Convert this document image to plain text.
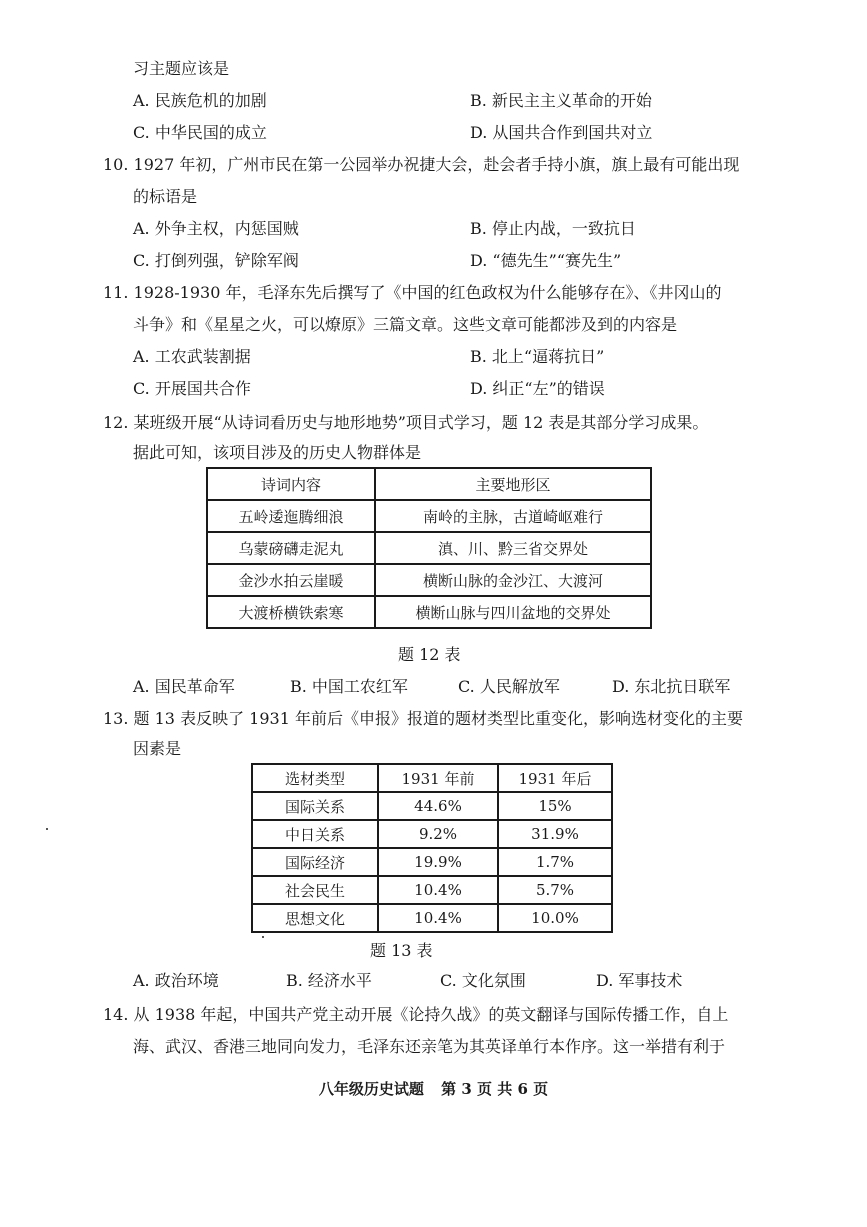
习主题应该是
A. 民族危机的加剧	B. 新民主主义革命的开始
C. 中华民国的成立	D. 从国共合作到国共对立
10. 1927 年初，广州市民在第一公园举办祝捷大会，赴会者手持小旗，旗上最有可能出现
的标语是
A. 外争主权，内惩国贼	B. 停止内战，一致抗日
C. 打倒列强，铲除军阀	D. “德先生”“赛先生”
11. 1928-1930 年，毛泽东先后撰写了《中国的红色政权为什么能够存在》、《井冈山的
斗争》和《星星之火，可以燎原》三篇文章。这些文章可能都涉及到的内容是
A. 工农武装割据	B. 北上“逼蒋抗日”
C. 开展国共合作	D. 纠正“左”的错误
12. 某班级开展“从诗词看历史与地形地势”项目式学习，题 12 表是其部分学习成果。
据此可知，该项目涉及的历史人物群体是
诗词内容	主要地形区
五岭逶迤腾细浪	南岭的主脉，古道崎岖难行
乌蒙磅礴走泥丸	滇、川、黔三省交界处
金沙水拍云崖暖	横断山脉的金沙江、大渡河
大渡桥横铁索寒	横断山脉与四川盆地的交界处
题 12 表
A. 国民革命军	B. 中国工农红军	C. 人民解放军	D. 东北抗日联军
13. 题 13 表反映了 1931 年前后《申报》报道的题材类型比重变化，影响选材变化的主要
因素是
选材类型	1931 年前	1931 年后
国际关系	44.6%	15%
中日关系	9.2%	31.9%
国际经济	19.9%	1.7%
社会民生	10.4%	5.7%
思想文化	10.4%	10.0%
题 13 表
A. 政治环境	B. 经济水平	C. 文化氛围	D. 军事技术
14. 从 1938 年起，中国共产党主动开展《论持久战》的英文翻译与国际传播工作，自上
海、武汉、香港三地同向发力，毛泽东还亲笔为其英译单行本作序。这一举措有利于
八年级历史试题 第 3 页 共 6 页
